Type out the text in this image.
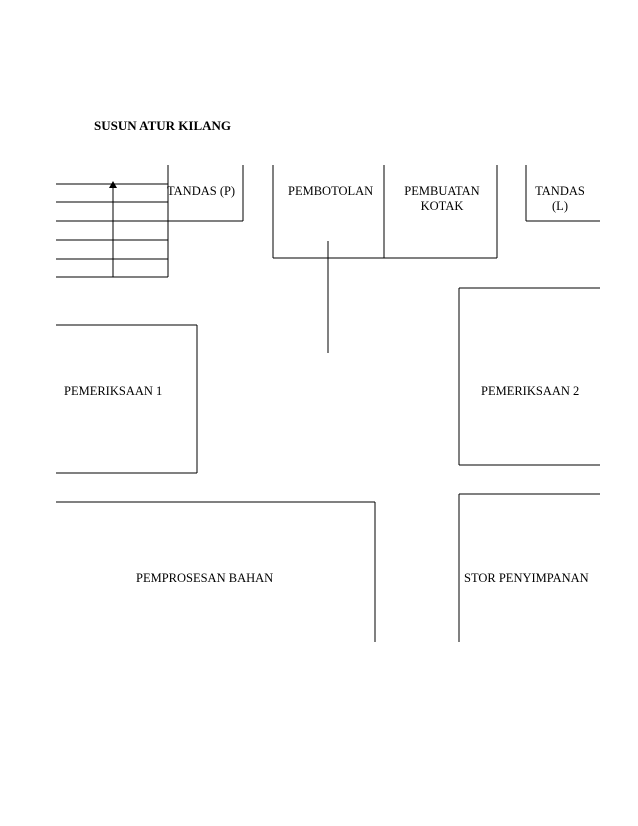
SUSUN ATUR KILANG
TANDAS (P)	PEMBOTOLAN	PEMBUATAN
KOTAK
TANDAS
(L)
PEMERIKSAAN 1	PEMERIKSAAN 2
PEMPROSESAN BAHAN	STOR PENYIMPANAN
